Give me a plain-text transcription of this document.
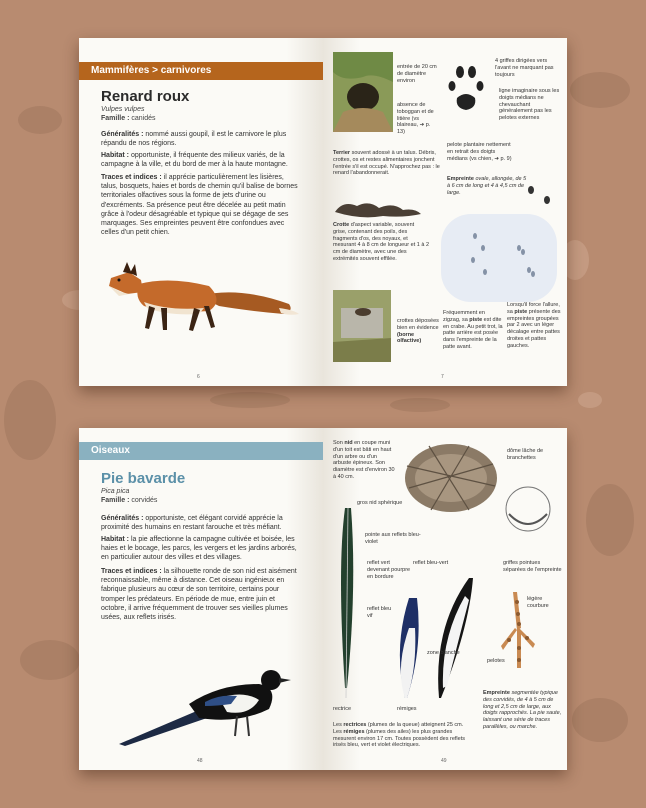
Mammifères > carnivores
Renard roux
Vulpes vulpes
Famille : canidés

Généralités : nommé aussi goupil, il est le carnivore le plus répandu de nos régions.

Habitat : opportuniste, il fréquente des milieux variés, de la campagne à la ville, et du bord de mer à la haute montagne.

Traces et indices : il apprécie particulièrement les lisières, talus, bosquets, haies et bords de chemin qu'il balise de bornes territoriales olfactives sous la forme de jets d'urine ou d'excréments. Sa présence peut être décelée au petit matin grâce à l'odeur désagréable et typique qui se dégage de ses marquages. Ses empreintes peuvent être confondues avec celles d'un petit chien.

6

entrée de 20 cm de diamètre environ

absence de toboggan et de litière (vs blaireau, ➔ p. 13)

Terrier souvent adossé à un talus. Débris, crottes, os et restes alimentaires jonchent l'entrée s'il est occupé. N'approchez pas : le renard l'abandonnerait.

4 griffes dirigées vers l'avant ne marquant pas toujours

ligne imaginaire sous les doigts médians ne chevauchant généralement pas les pelotes externes

pelote plantaire nettement en retrait des doigts médians (vs chien, ➔ p. 9)

Empreinte ovale, allongée, de 5 à 6 cm de long et 4 à 4,5 cm de large.

Crotte d'aspect variable, souvent grise, contenant des poils, des fragments d'os, des noyaux, et mesurant 4 à 8 cm de longueur et 1 à 2 cm de diamètre, avec une des extrémités souvent effilée.

crottes déposées bien en évidence (borne olfactive)

Fréquemment en zigzag, sa piste est dite en crabe. Au petit trot, la patte arrière est posée dans l'empreinte de la patte avant.

Lorsqu'il force l'allure, sa piste présente des empreintes groupées par 2 avec un léger décalage entre pattes droites et pattes gauches.

7
Oiseaux
Pie bavarde
Pica pica
Famille : corvidés

Généralités : opportuniste, cet élégant corvidé apprécie la proximité des humains en restant farouche et très méfiant.

Habitat : la pie affectionne la campagne cultivée et boisée, les haies et le bocage, les parcs, les vergers et les jardins arborés, en particulier autour des villes et des villages.

Traces et indices : la silhouette ronde de son nid est aisément reconnaissable, même à distance. Cet oiseau ingénieux en fabrique plusieurs au cœur de son territoire, certains pour tromper les prédateurs. En période de mue, entre juin et octobre, il arrive fréquemment de trouver ses vieilles plumes usées, aux reflets irisés.

48

Son nid en coupe muni d'un toit est bâti en haut d'un arbre ou d'un arbuste épineux. Son diamètre est d'environ 30 à 40 cm.

dôme lâche de branchettes

gros nid sphérique

pointe aux reflets bleu-violet

reflet vert devenant pourpre en bordure

reflet bleu-vert

reflet bleu vif

zone blanche

rectrice	rémiges

Les rectrices (plumes de la queue) atteignent 25 cm. Les rémiges (plumes des ailes) les plus grandes mesurent environ 17 cm. Toutes possèdent des reflets irisés bleu, vert et violet électriques.

griffes pointues séparées de l'empreinte

légère courbure

pelotes

Empreinte segmentée typique des corvidés, de 4 à 5 cm de long et 2,5 cm de large, aux doigts rapprochés. La pie saute, laissant une série de traces parallèles, ou marche.

49
